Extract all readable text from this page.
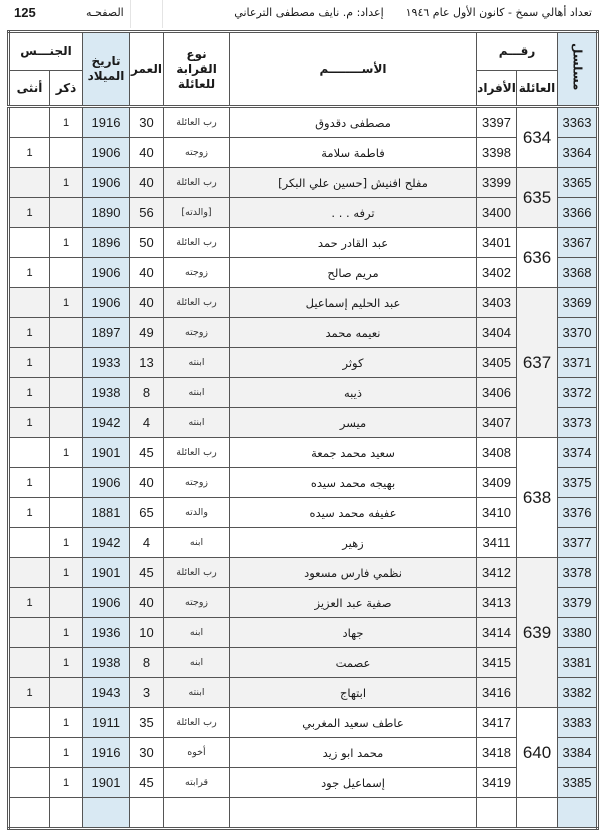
125	الصفحـه	تعداد أهالي سمخ - كانون الأول عام ١٩٤٦إعداد: م. نايف مصطفى الترعاني
الجنـــس		تاريخ
الميلاد	العمر	نوع
القرابة
للعائلة	الأســــــــم	رقـــم		مسلسل
أنثى	ذكر					الأفراد	العائلة	
	1	1916	30	رب العائلة	مصطفى دقدوق	3397	634	3363
1		1906	40	زوجته	فاطمة سلامة	3398		3364
	1	1906	40	رب العائلة	مفلح افنيش [حسين علي البكر]	3399	635	3365
1		1890	56	[والدته]	ترفه . . .	3400		3366
	1	1896	50	رب العائلة	عبد القادر حمد	3401	636	3367
1		1906	40	زوجته	مريم صالح	3402		3368
	1	1906	40	رب العائلة	عبد الحليم إسماعيل	3403	637	3369
1		1897	49	زوجته	نعيمه محمد	3404		3370
1		1933	13	ابنته	كوثر	3405		3371
1		1938	8	ابنته	ذيبه	3406		3372
1		1942	4	ابنته	ميسر	3407		3373
	1	1901	45	رب العائلة	سعيد محمد جمعة	3408	638	3374
1		1906	40	زوجته	بهيجه محمد سيده	3409		3375
1		1881	65	والدته	عفيفه محمد سيده	3410		3376
	1	1942	4	ابنه	زهير	3411		3377
	1	1901	45	رب العائلة	نظمي فارس مسعود	3412	639	3378
1		1906	40	زوجته	صفية عبد العزيز	3413		3379
	1	1936	10	ابنه	جهاد	3414		3380
	1	1938	8	ابنه	عصمت	3415		3381
1		1943	3	ابنته	ابتهاج	3416		3382
	1	1911	35	رب العائلة	عاطف سعيد المغربي	3417	640	3383
	1	1916	30	أخوه	محمد ابو زيد	3418		3384
	1	1901	45	قرابته	إسماعيل جود	3419		3385
